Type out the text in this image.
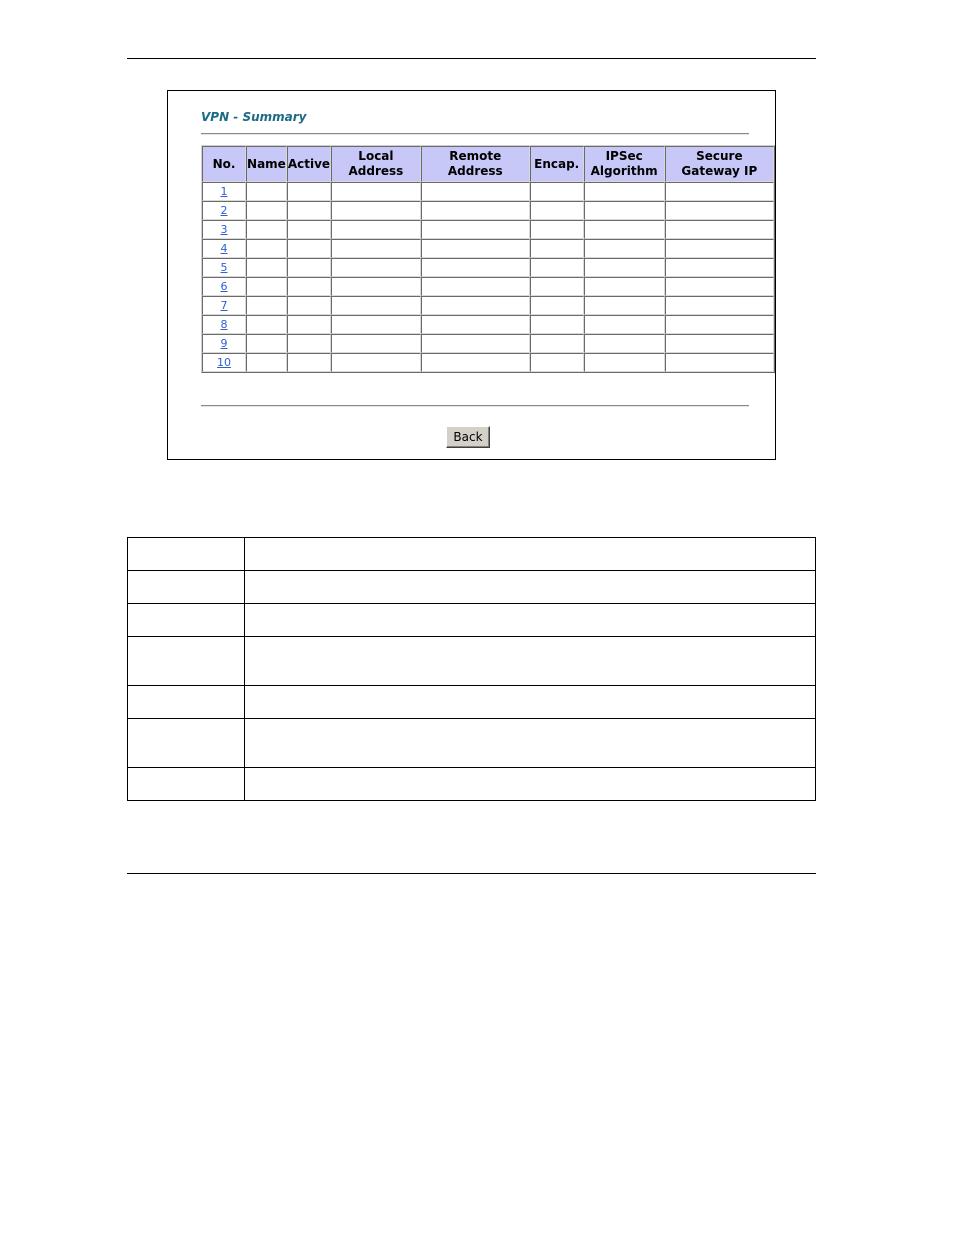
VPN - Summary
No.	Name	Active	Local Address	Remote Address	Encap.	IPSec Algorithm	Secure Gateway IP
1							
2							
3							
4							
5							
6							
7							
8							
9							
10							
Back
